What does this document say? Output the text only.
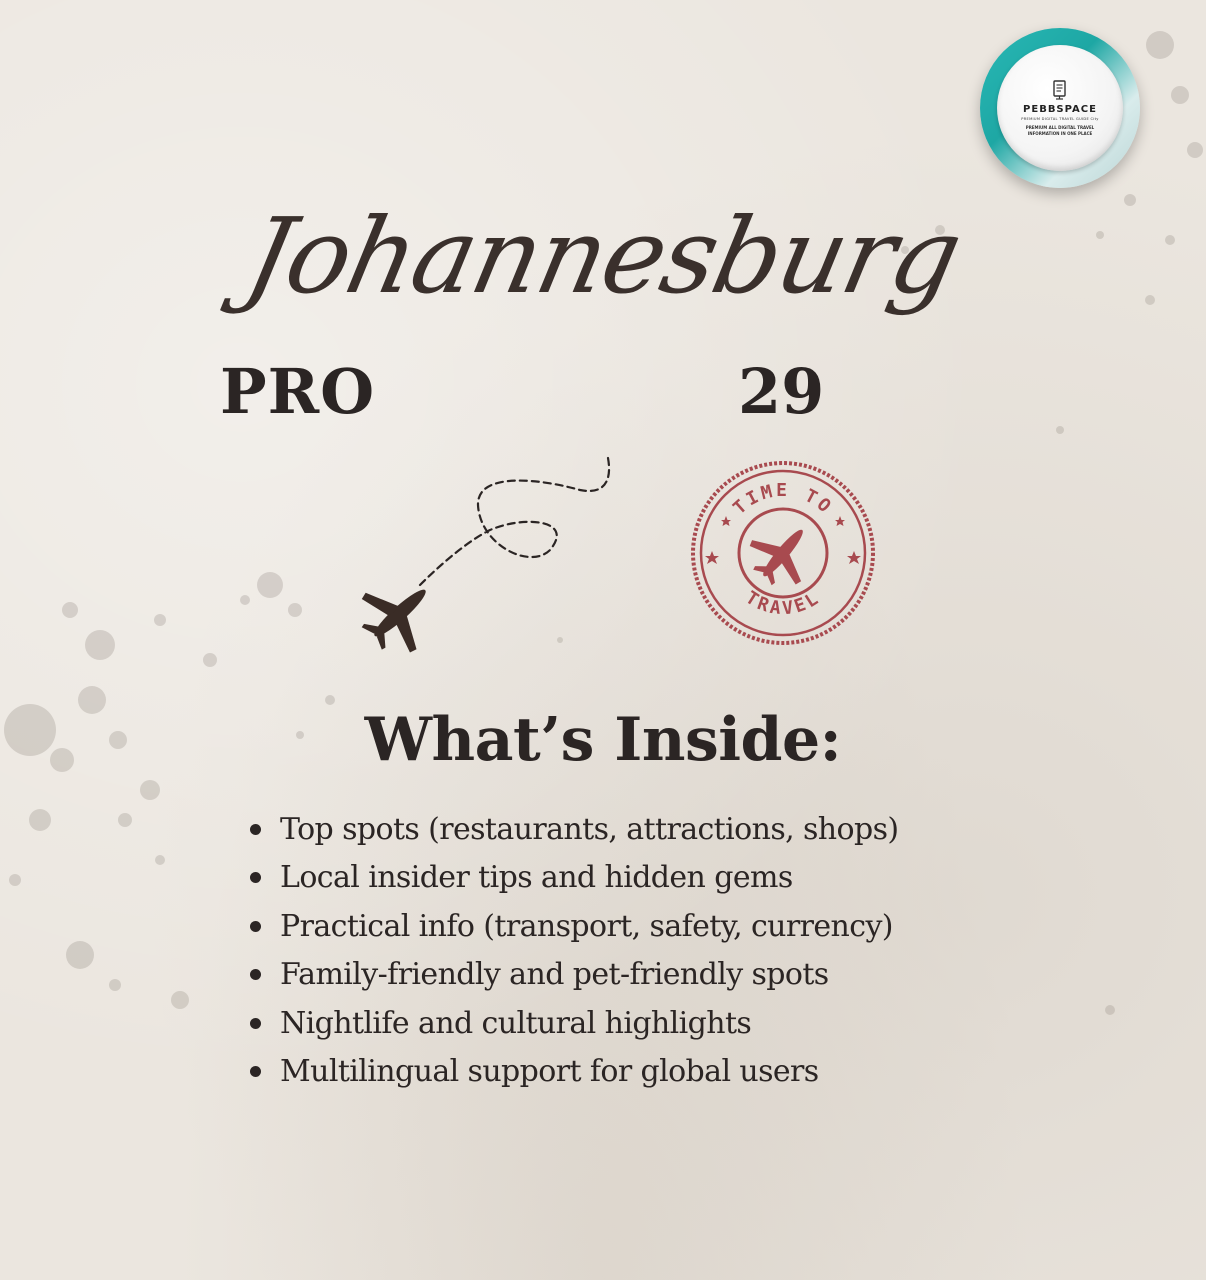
PEBBSPACE
PREMIUM DIGITAL TRAVEL GUIDE City
PREMIUM ALL DIGITAL TRAVEL INFORMATION IN ONE PLACE
Johannesburg
PRO	29
TIME TO
TRAVEL
What’s Inside:
Top spots (restaurants, attractions, shops)
Local insider tips and hidden gems
Practical info (transport, safety, currency)
Family-friendly and pet-friendly spots
Nightlife and cultural highlights
Multilingual support for global users
